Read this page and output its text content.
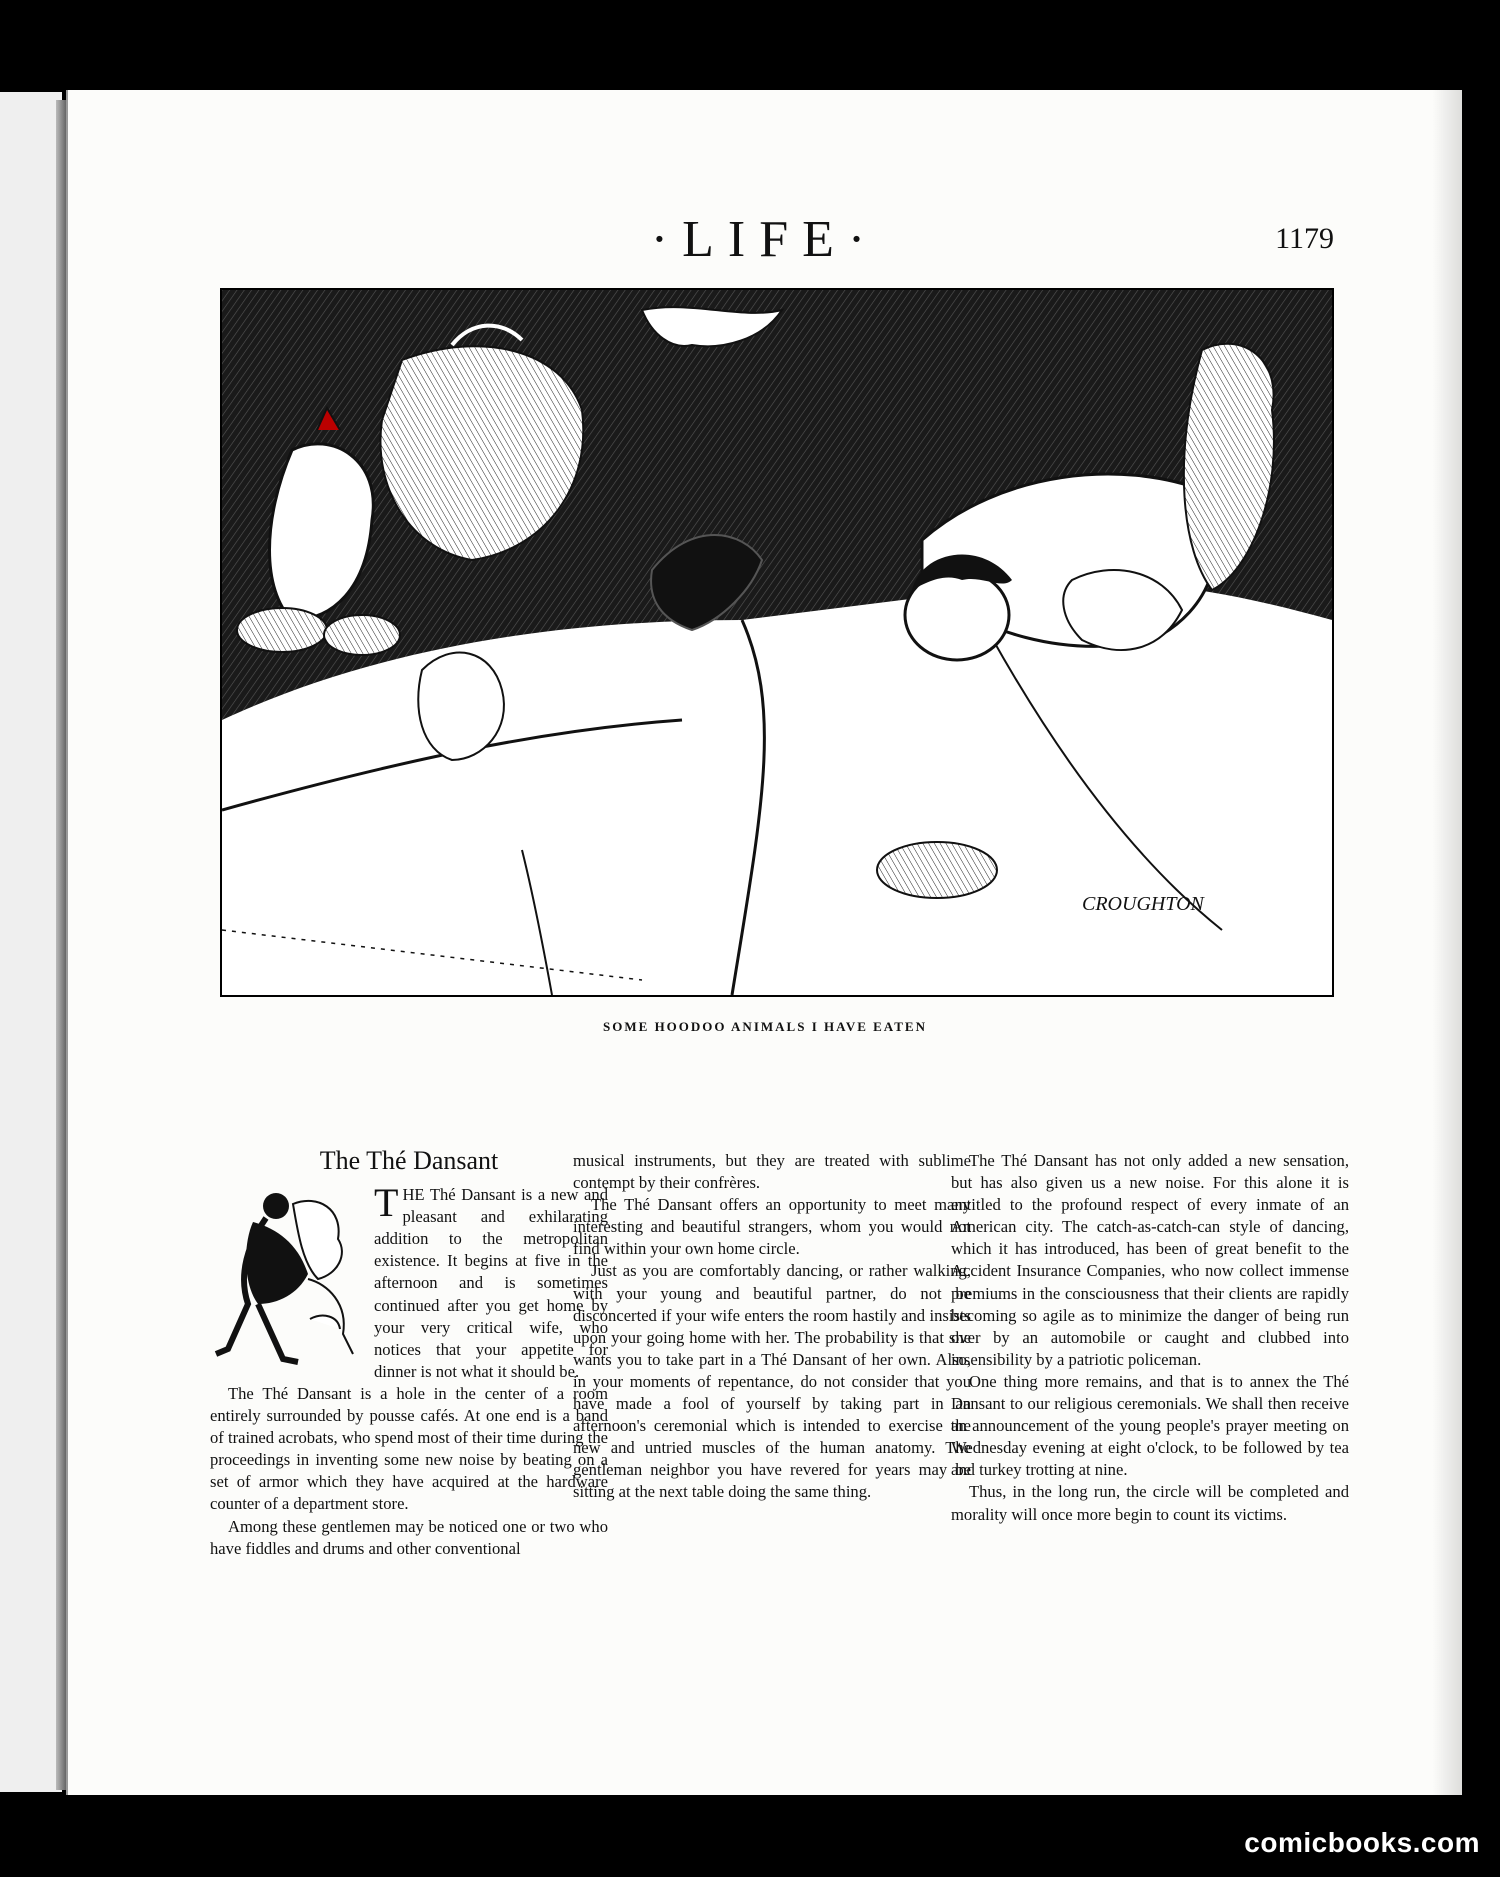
·LIFE·	1179
CROUGHTON
SOME HOODOO ANIMALS I HAVE EATEN
The Thé Dansant

THE Thé Dansant is a new and pleasant and exhilarating addition to the metropolitan existence. It begins at five in the afternoon and is sometimes continued after you get home by your very critical wife, who notices that your appetite for dinner is not what it should be.

The Thé Dansant is a hole in the center of a room entirely surrounded by pousse cafés. At one end is a band of trained acrobats, who spend most of their time during the proceedings in inventing some new noise by beating on a set of armor which they have acquired at the hardware counter of a department store.

Among these gentlemen may be noticed one or two who have fiddles and drums and other conventional

musical instruments, but they are treated with sublime contempt by their confrères.

The Thé Dansant offers an opportunity to meet many interesting and beautiful strangers, whom you would not find within your own home circle.

Just as you are comfortably dancing, or rather walking, with your young and beautiful partner, do not be disconcerted if your wife enters the room hastily and insists upon your going home with her. The probability is that she wants you to take part in a Thé Dansant of her own. Also, in your moments of repentance, do not consider that you have made a fool of yourself by taking part in an afternoon's ceremonial which is intended to exercise the new and untried muscles of the human anatomy. The gentleman neighbor you have revered for years may be sitting at the next table doing the same thing.

The Thé Dansant has not only added a new sensation, but has also given us a new noise. For this alone it is entitled to the profound respect of every inmate of an American city. The catch-as-catch-can style of dancing, which it has introduced, has been of great benefit to the Accident Insurance Companies, who now collect immense premiums in the consciousness that their clients are rapidly becoming so agile as to minimize the danger of being run over by an automobile or caught and clubbed into insensibility by a patriotic policeman.

One thing more remains, and that is to annex the Thé Dansant to our religious ceremonials. We shall then receive an announcement of the young people's prayer meeting on Wednesday evening at eight o'clock, to be followed by tea and turkey trotting at nine.

Thus, in the long run, the circle will be completed and morality will once more begin to count its victims.

comicbooks.com
